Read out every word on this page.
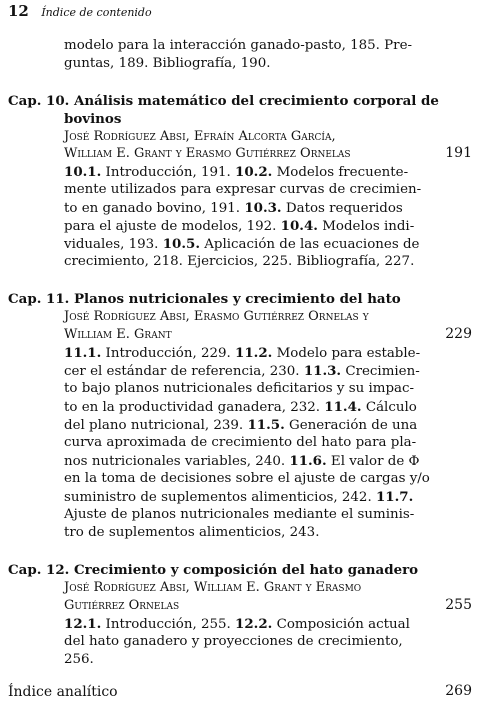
12 Índice de contenido
modelo para la interacción ganado-pasto, 185. Pre-
guntas, 189. Bibliografía, 190.
Cap. 10. Análisis matemático del crecimiento corporal de
bovinos
José Rodríguez Absi, Efraín Alcorta García,
William E. Grant y Erasmo Gutiérrez Ornelas	191
10.1. Introducción, 191. 10.2. Modelos frecuente-
mente utilizados para expresar curvas de crecimien-
to en ganado bovino, 191. 10.3. Datos requeridos
para el ajuste de modelos, 192. 10.4. Modelos indi-
viduales, 193. 10.5. Aplicación de las ecuaciones de
crecimiento, 218. Ejercicios, 225. Bibliografía, 227.
Cap. 11. Planos nutricionales y crecimiento del hato
José Rodríguez Absi, Erasmo Gutiérrez Ornelas y
William E. Grant	229
11.1. Introducción, 229. 11.2. Modelo para estable-
cer el estándar de referencia, 230. 11.3. Crecimien-
to bajo planos nutricionales deficitarios y su impac-
to en la productividad ganadera, 232. 11.4. Cálculo
del plano nutricional, 239. 11.5. Generación de una
curva aproximada de crecimiento del hato para pla-
nos nutricionales variables, 240. 11.6. El valor de Φ
en la toma de decisiones sobre el ajuste de cargas y/o
suministro de suplementos alimenticios, 242. 11.7.
Ajuste de planos nutricionales mediante el suminis-
tro de suplementos alimenticios, 243.
Cap. 12. Crecimiento y composición del hato ganadero
José Rodríguez Absi, William E. Grant y Erasmo
Gutiérrez Ornelas	255
12.1. Introducción, 255. 12.2. Composición actual
del hato ganadero y proyecciones de crecimiento,
256.
Índice analítico	269
